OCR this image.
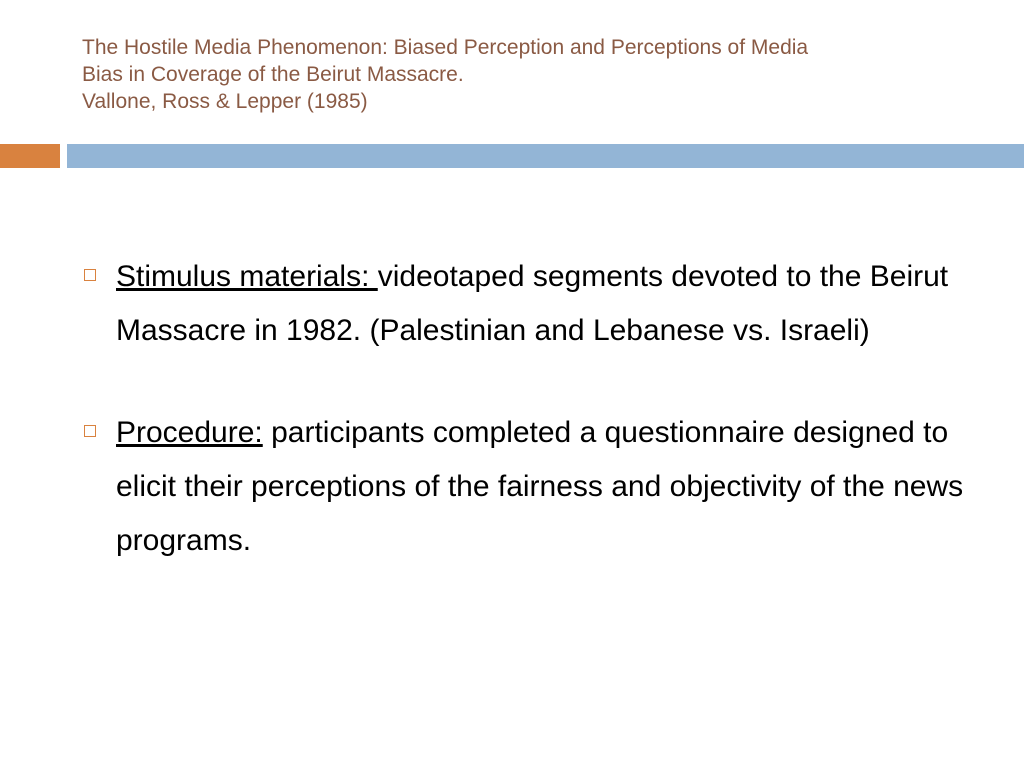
The Hostile Media Phenomenon: Biased Perception and Perceptions of Media
Bias in Coverage of the Beirut Massacre.
Vallone, Ross & Lepper (1985)
Stimulus materials: videotaped segments devoted to the Beirut Massacre in 1982. (Palestinian and Lebanese vs. Israeli)
Procedure: participants completed a questionnaire designed to elicit their perceptions of the fairness and objectivity of the news programs.
